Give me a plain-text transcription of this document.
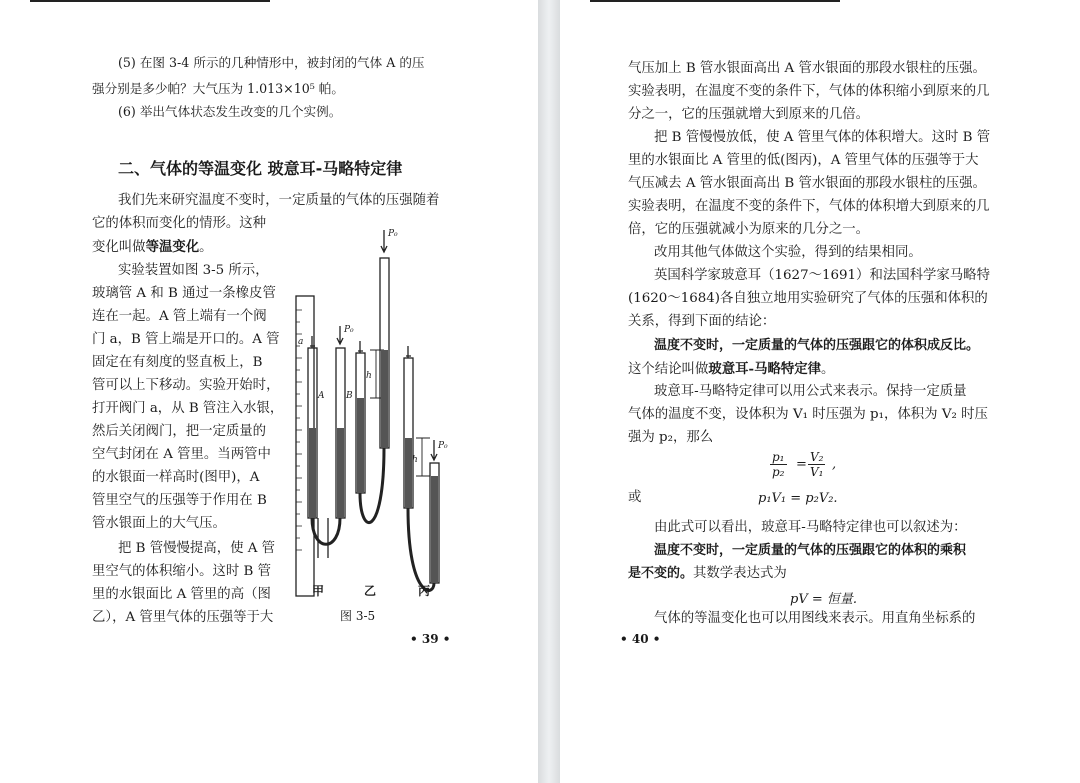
(5) 在图 3-4 所示的几种情形中，被封闭的气体 A 的压
强分别是多少帕？大气压为 1.013×10⁵ 帕。
(6) 举出气体状态发生改变的几个实例。
二、气体的等温变化 玻意耳-马略特定律
我们先来研究温度不变时，一定质量的气体的压强随着
它的体积而变化的情形。这种
变化叫做等温变化。
实验装置如图 3-5 所示，
玻璃管 A 和 B 通过一条橡皮管
连在一起。A 管上端有一个阀
门 a，B 管上端是开口的。A 管
固定在有刻度的竖直板上，B
管可以上下移动。实验开始时，
打开阀门 a，从 B 管注入水银，
然后关闭阀门，把一定质量的
空气封闭在 A 管里。当两管中
的水银面一样高时(图甲)，A
管里空气的压强等于作用在 B
管水银面上的大气压。
把 B 管慢慢提高，使 A 管
里空气的体积缩小。这时 B 管
里的水银面比 A 管里的高（图
乙），A 管里气体的压强等于大
P₀
P₀
P₀
a
A B
h
h
甲	乙	丙
图 3-5
• 39 •
气压加上 B 管水银面高出 A 管水银面的那段水银柱的压强。
实验表明，在温度不变的条件下，气体的体积缩小到原来的几
分之一，它的压强就增大到原来的几倍。
把 B 管慢慢放低，使 A 管里气体的体积增大。这时 B 管
里的水银面比 A 管里的低(图丙)，A 管里气体的压强等于大
气压减去 A 管水银面高出 B 管水银面的那段水银柱的压强。
实验表明，在温度不变的条件下，气体的体积增大到原来的几
倍，它的压强就减小为原来的几分之一。
改用其他气体做这个实验，得到的结果相同。
英国科学家玻意耳（1627～1691）和法国科学家马略特
(1620～1684)各自独立地用实验研究了气体的压强和体积的
关系，得到下面的结论：
温度不变时，一定质量的气体的压强跟它的体积成反比。
这个结论叫做玻意耳-马略特定律。
玻意耳-马略特定律可以用公式来表示。保持一定质量
气体的温度不变，设体积为 V₁ 时压强为 p₁，体积为 V₂ 时压
强为 p₂，那么
$\frac{\text{p₁}}{\text{p₂}} = \frac{\text{V₂}}{\text{V₁}}$ ,
或	p₁V₁ = p₂V₂.
由此式可以看出，玻意耳-马略特定律也可以叙述为：
温度不变时，一定质量的气体的压强跟它的体积的乘积
是不变的。其数学表达式为
pV = 恒量.
气体的等温变化也可以用图线来表示。用直角坐标系的
• 40 •
